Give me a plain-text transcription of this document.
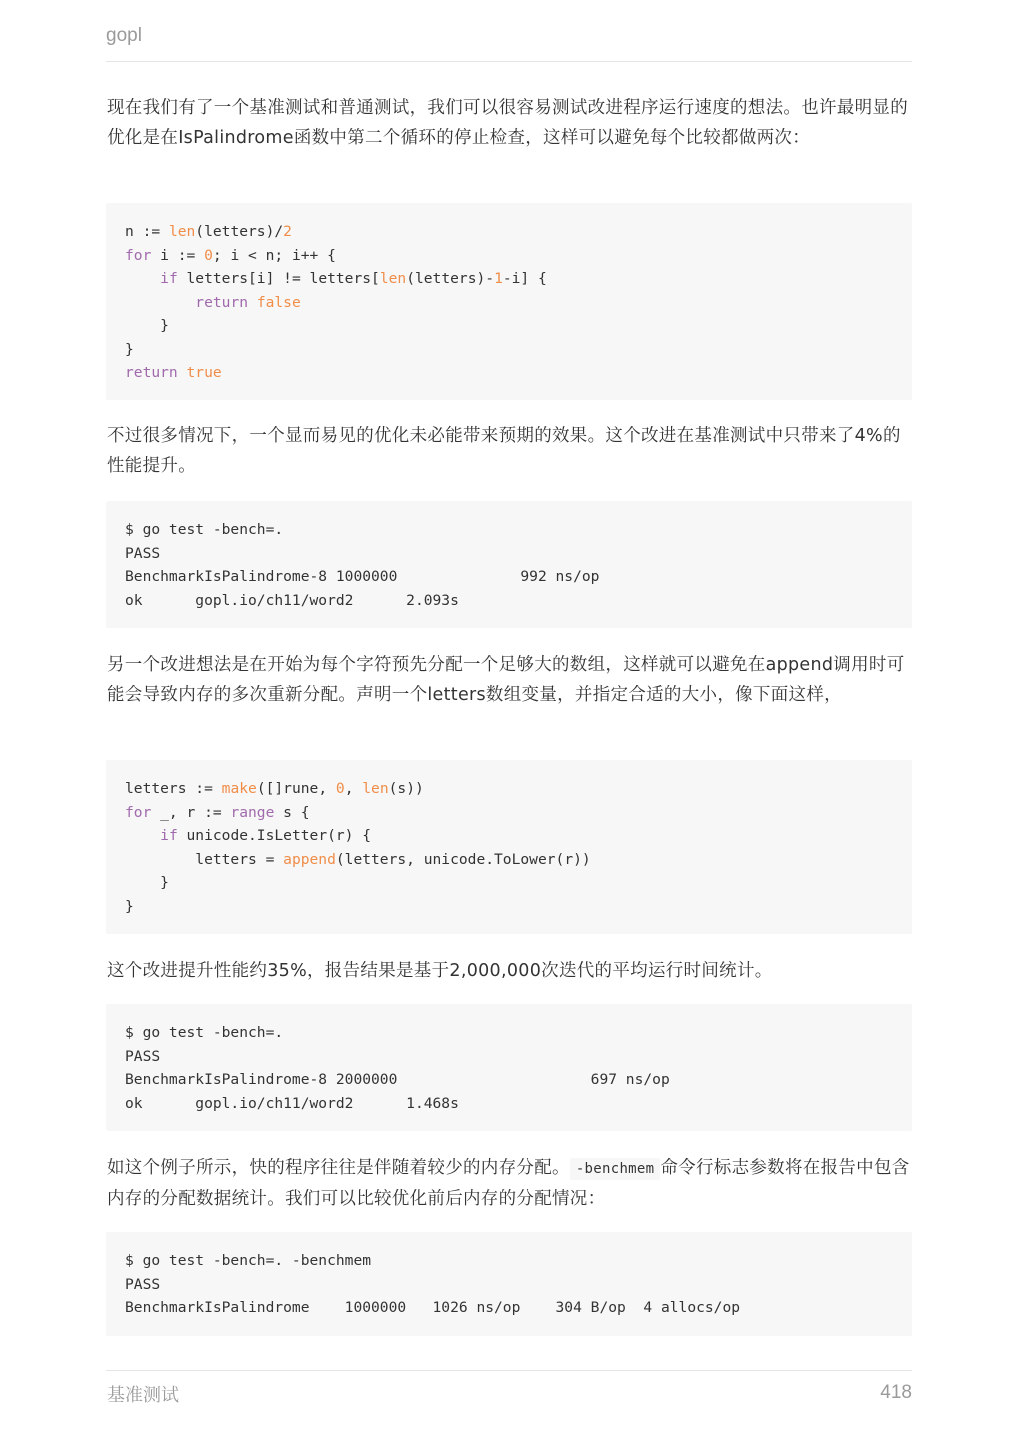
gopl

现在我们有了一个基准测试和普通测试，我们可以很容易测试改进程序运行速度的想法。也许最明显的优化是在IsPalindrome函数中第二个循环的停止检查，这样可以避免每个比较都做两次：

n := len(letters)/2
for i := 0; i < n; i++ {
if letters[i] != letters[len(letters)-1-i] {
return false
}
}
return true

不过很多情况下，一个显而易见的优化未必能带来预期的效果。这个改进在基准测试中只带来了4%的性能提升。

$ go test -bench=.
PASS
BenchmarkIsPalindrome-8 1000000              992 ns/op
ok      gopl.io/ch11/word2      2.093s

另一个改进想法是在开始为每个字符预先分配一个足够大的数组，这样就可以避免在append调用时可能会导致内存的多次重新分配。声明一个letters数组变量，并指定合适的大小，像下面这样，

letters := make([]rune, 0, len(s))
for _, r := range s {
if unicode.IsLetter(r) {
letters = append(letters, unicode.ToLower(r))
}
}

这个改进提升性能约35%，报告结果是基于2,000,000次迭代的平均运行时间统计。

$ go test -bench=.
PASS
BenchmarkIsPalindrome-8 2000000                      697 ns/op
ok      gopl.io/ch11/word2      1.468s

如这个例子所示，快的程序往往是伴随着较少的内存分配。 -benchmem 命令行标志参数将在报告中包含内存的分配数据统计。我们可以比较优化前后内存的分配情况：

$ go test -bench=. -benchmem
PASS
BenchmarkIsPalindrome    1000000   1026 ns/op    304 B/op  4 allocs/op
基准测试	418
